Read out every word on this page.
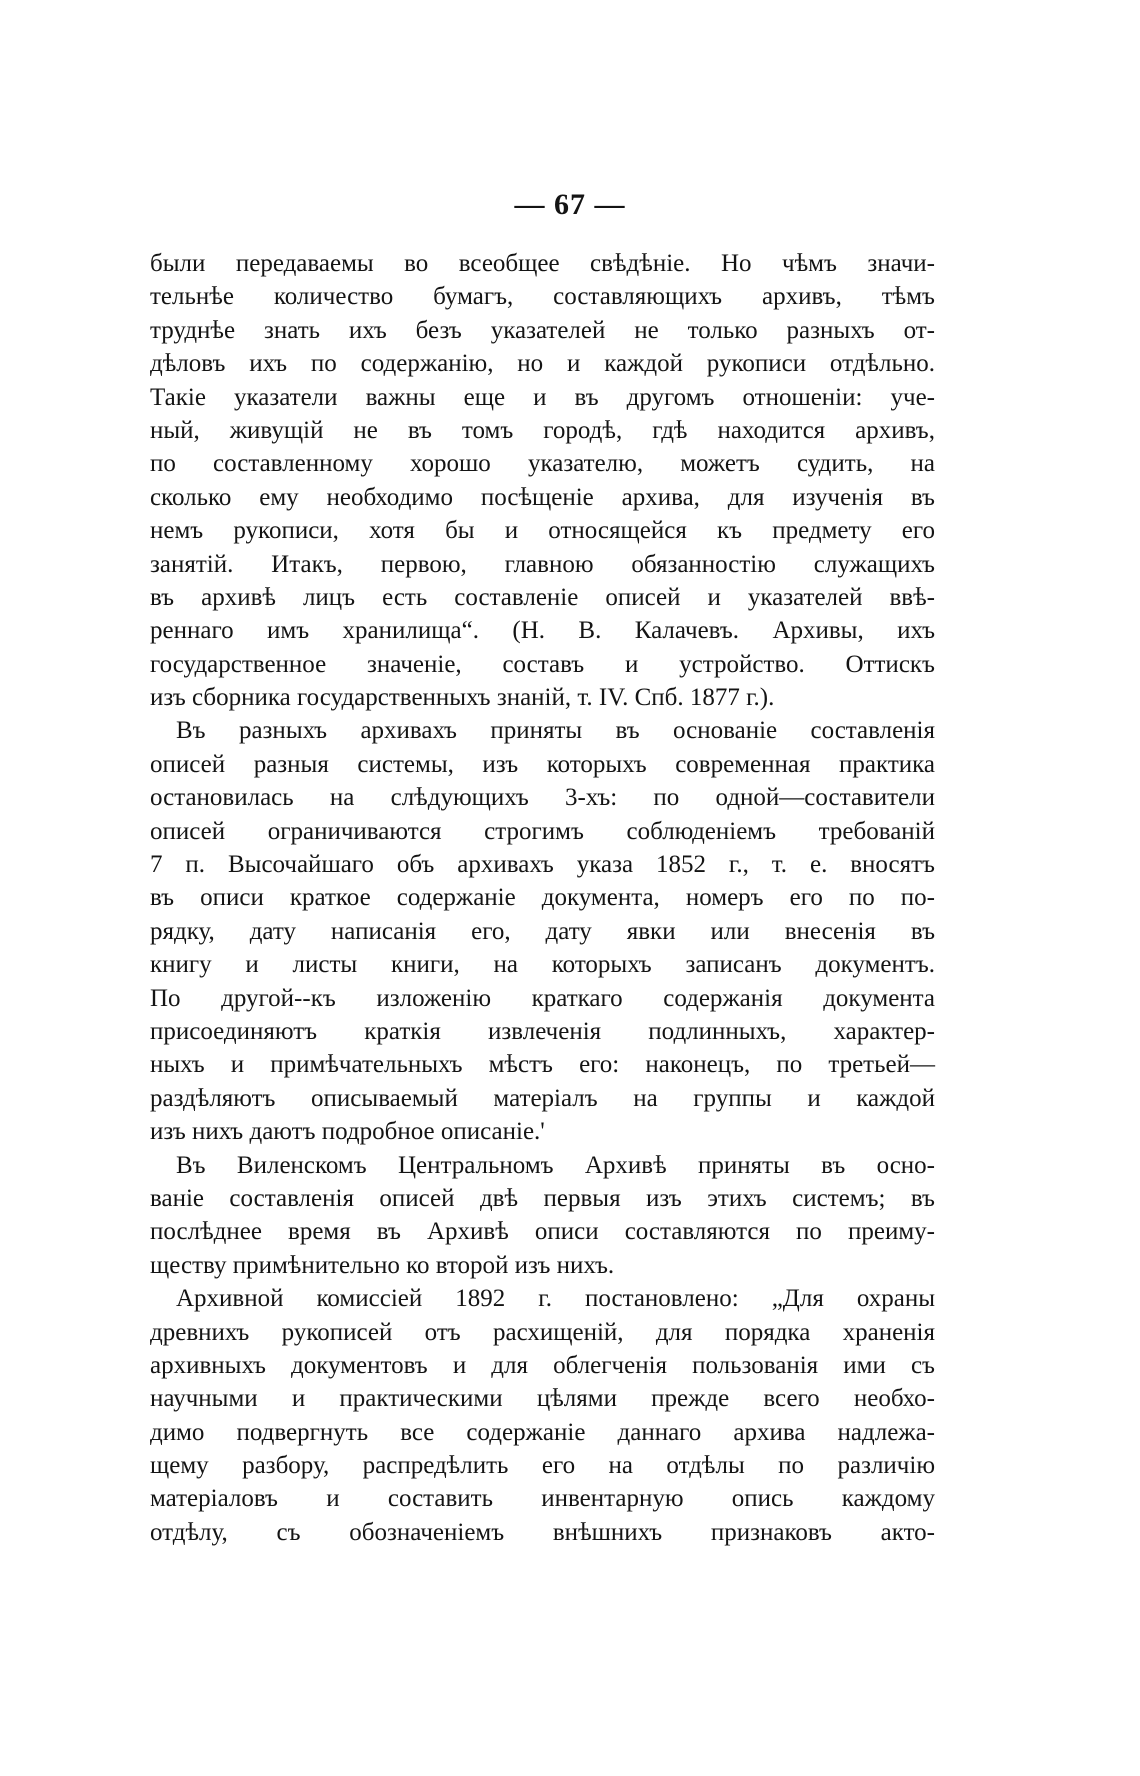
— 67 —
были передаваемы во всеобщее свѣдѣніе. Но чѣмъ значи-
тельнѣе количество бумагъ, составляющихъ архивъ, тѣмъ
труднѣе знать ихъ безъ указателей не только разныхъ от-
дѣловъ ихъ по содержанію, но и каждой рукописи отдѣльно.
Такіе указатели важны еще и въ другомъ отношеніи: уче-
ный, живущій не въ томъ городѣ, гдѣ находится архивъ,
по составленному хорошо указателю, можетъ судить, на
сколько ему необходимо посѣщеніе архива, для изученія въ
немъ рукописи, хотя бы и относящейся къ предмету его
занятій. Итакъ, первою, главною обязанностію служащихъ
въ архивѣ лицъ есть составленіе описей и указателей ввѣ-
реннаго имъ хранилища“. (Н. В. Калачевъ. Архивы, ихъ
государственное значеніе, составъ и устройство. Оттискъ
изъ сборника государственныхъ знаній, т. IV. Спб. 1877 г.).
Въ разныхъ архивахъ приняты въ основаніе составленія
описей разныя системы, изъ которыхъ современная практика
остановилась на слѣдующихъ 3-хъ: по одной—составители
описей ограничиваются строгимъ соблюденіемъ требованій
7 п. Высочайшаго объ архивахъ указа 1852 г., т. е. вносятъ
въ описи краткое содержаніе документа, номеръ его по по-
рядку, дату написанія его, дату явки или внесенія въ
книгу и листы книги, на которыхъ записанъ документъ.
По другой--къ изложенію краткаго содержанія документа
присоединяютъ краткія извлеченія подлинныхъ, характер-
ныхъ и примѣчательныхъ мѣстъ его: наконецъ, по третьей—
раздѣляютъ описываемый матеріалъ на группы и каждой
изъ нихъ даютъ подробное описаніе.'
Въ Виленскомъ Центральномъ Архивѣ приняты въ осно-
ваніе составленія описей двѣ первыя изъ этихъ системъ; въ
послѣднее время въ Архивѣ описи составляются по преиму-
ществу примѣнительно ко второй изъ нихъ.
Архивной комиссіей 1892 г. постановлено: „Для охраны
древнихъ рукописей отъ расхищеній, для порядка храненія
архивныхъ документовъ и для облегченія пользованія ими съ
научными и практическими цѣлями прежде всего необхо-
димо подвергнуть все содержаніе даннаго архива надлежа-
щему разбору, распредѣлить его на отдѣлы по различію
матеріаловъ и составить инвентарную опись каждому
отдѣлу, съ обозначеніемъ внѣшнихъ признаковъ акто-
